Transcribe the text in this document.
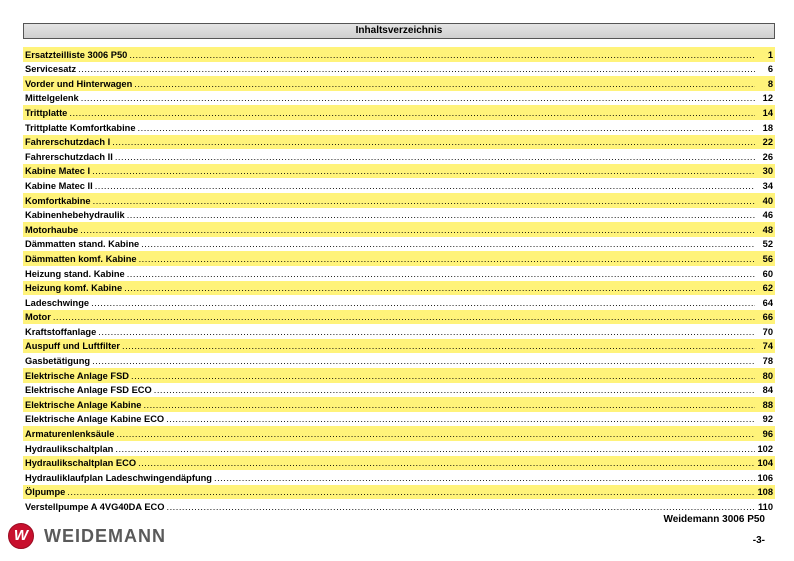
Inhaltsverzeichnis
Ersatzteilliste 3006 P50 .....	1
Servicesatz .....	6
Vorder und Hinterwagen .....	8
Mittelgelenk .....	12
Trittplatte .....	14
Trittplatte Komfortkabine .....	18
Fahrerschutzdach I .....	22
Fahrerschutzdach II .....	26
Kabine Matec I .....	30
Kabine Matec II .....	34
Komfortkabine .....	40
Kabinenhebehydraulik .....	46
Motorhaube .....	48
Dämmatten stand. Kabine .....	52
Dämmatten komf. Kabine .....	56
Heizung stand. Kabine .....	60
Heizung komf. Kabine .....	62
Ladeschwinge .....	64
Motor .....	66
Kraftstoffanlage .....	70
Auspuff und Luftfilter .....	74
Gasbetätigung .....	78
Elektrische Anlage FSD .....	80
Elektrische Anlage FSD ECO .....	84
Elektrische Anlage Kabine .....	88
Elektrische Anlage Kabine ECO .....	92
Armaturenlenksäule .....	96
Hydraulikschaltplan .....	102
Hydraulikschaltplan ECO .....	104
Hydrauliklaufplan Ladeschwingendäpfung .....	106
Ölpumpe .....	108
Verstellpumpe A 4VG40DA ECO .....	110
W WEIDEMANN
Weidemann 3006 P50
-3-
